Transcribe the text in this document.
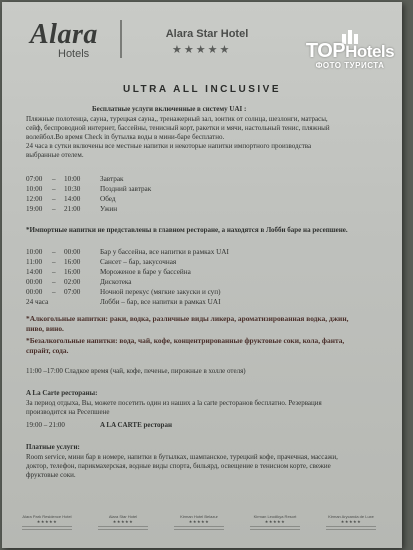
Alara
Hotels
Alara Star Hotel
★★★★★
ULTRA ALL INCLUSIVE
Бесплатные услуги включенные в систему UAI :
Пляжные полотенца, сауна, турецкая сауна,, тренажерный зал, зонтик от солнца, шезлонги, матрасы,
сейф, беспроводной интернет, бассейны, тенисный корт, ракетки и мячи, настольный тенис, пляжный
волейбол.Во время Check in бутылка воды в мини-баре бесплатно.
24 часа в сутки включены все местные напитки и некоторые напитки импортного производства
выбранные отелем.
07:00 – 10:00	Завтрак
10:00 – 10:30	Поздний завтрак
12:00 – 14:00	Обед
19:00 – 21:00	Ужин
*Импортные напитки не представлены в главном ресторане, а находятся в Лобби баре на ресепшене.
10:00 – 00:00	Бар у бассейна, все напитки в рамках UAI
11:00 – 16:00	Сансет – бар, закусочная
14:00 – 16:00	Мороженое в баре у бассейна
00:00 – 02:00	Дискотека
00:00 – 07:00	Ночной перекус (мягкие закуски и суп)
24 часа	Лобби – бар, все напитки в рамках UAI
*Алкогольные напитки: раки, водка, различные виды ликера, ароматизированная водка, джин,
пиво, вино.
*Безалкогольные напитки: вода, чай, кофе, концентрированные фруктовые соки, кола, фанта,
спрайт, сода.
11:00 –17:00 Сладкое время (чай, кофе, печенье, пирожные в холле отеля)
A La Carte рестораны:
За период отдыха, Вы, можете посетить один из наших a la carte ресторанов бесплатно. Резервация
производится на Ресепшене
19:00 – 21:00	A LA CARTE ресторан
Платные услуги:
Room service, мини бар в номере, напитки в бутылках, шампанское, турецкий кофе, прачечная, массажи,
доктор, телефон, парикмахерская, водные виды спорта, бильярд, освещение в тенисном корте, свежие
фруктовые соки.
Alara Park Residence Hotel
★★★★★
Alara Star Hotel
★★★★★
Kirman Hotel Belazur
★★★★★
Kirman Leodikya Resort
★★★★★
Kirman Arycanda de Luxe
★★★★★
TOPHotels
ФОТО ТУРИСТА
